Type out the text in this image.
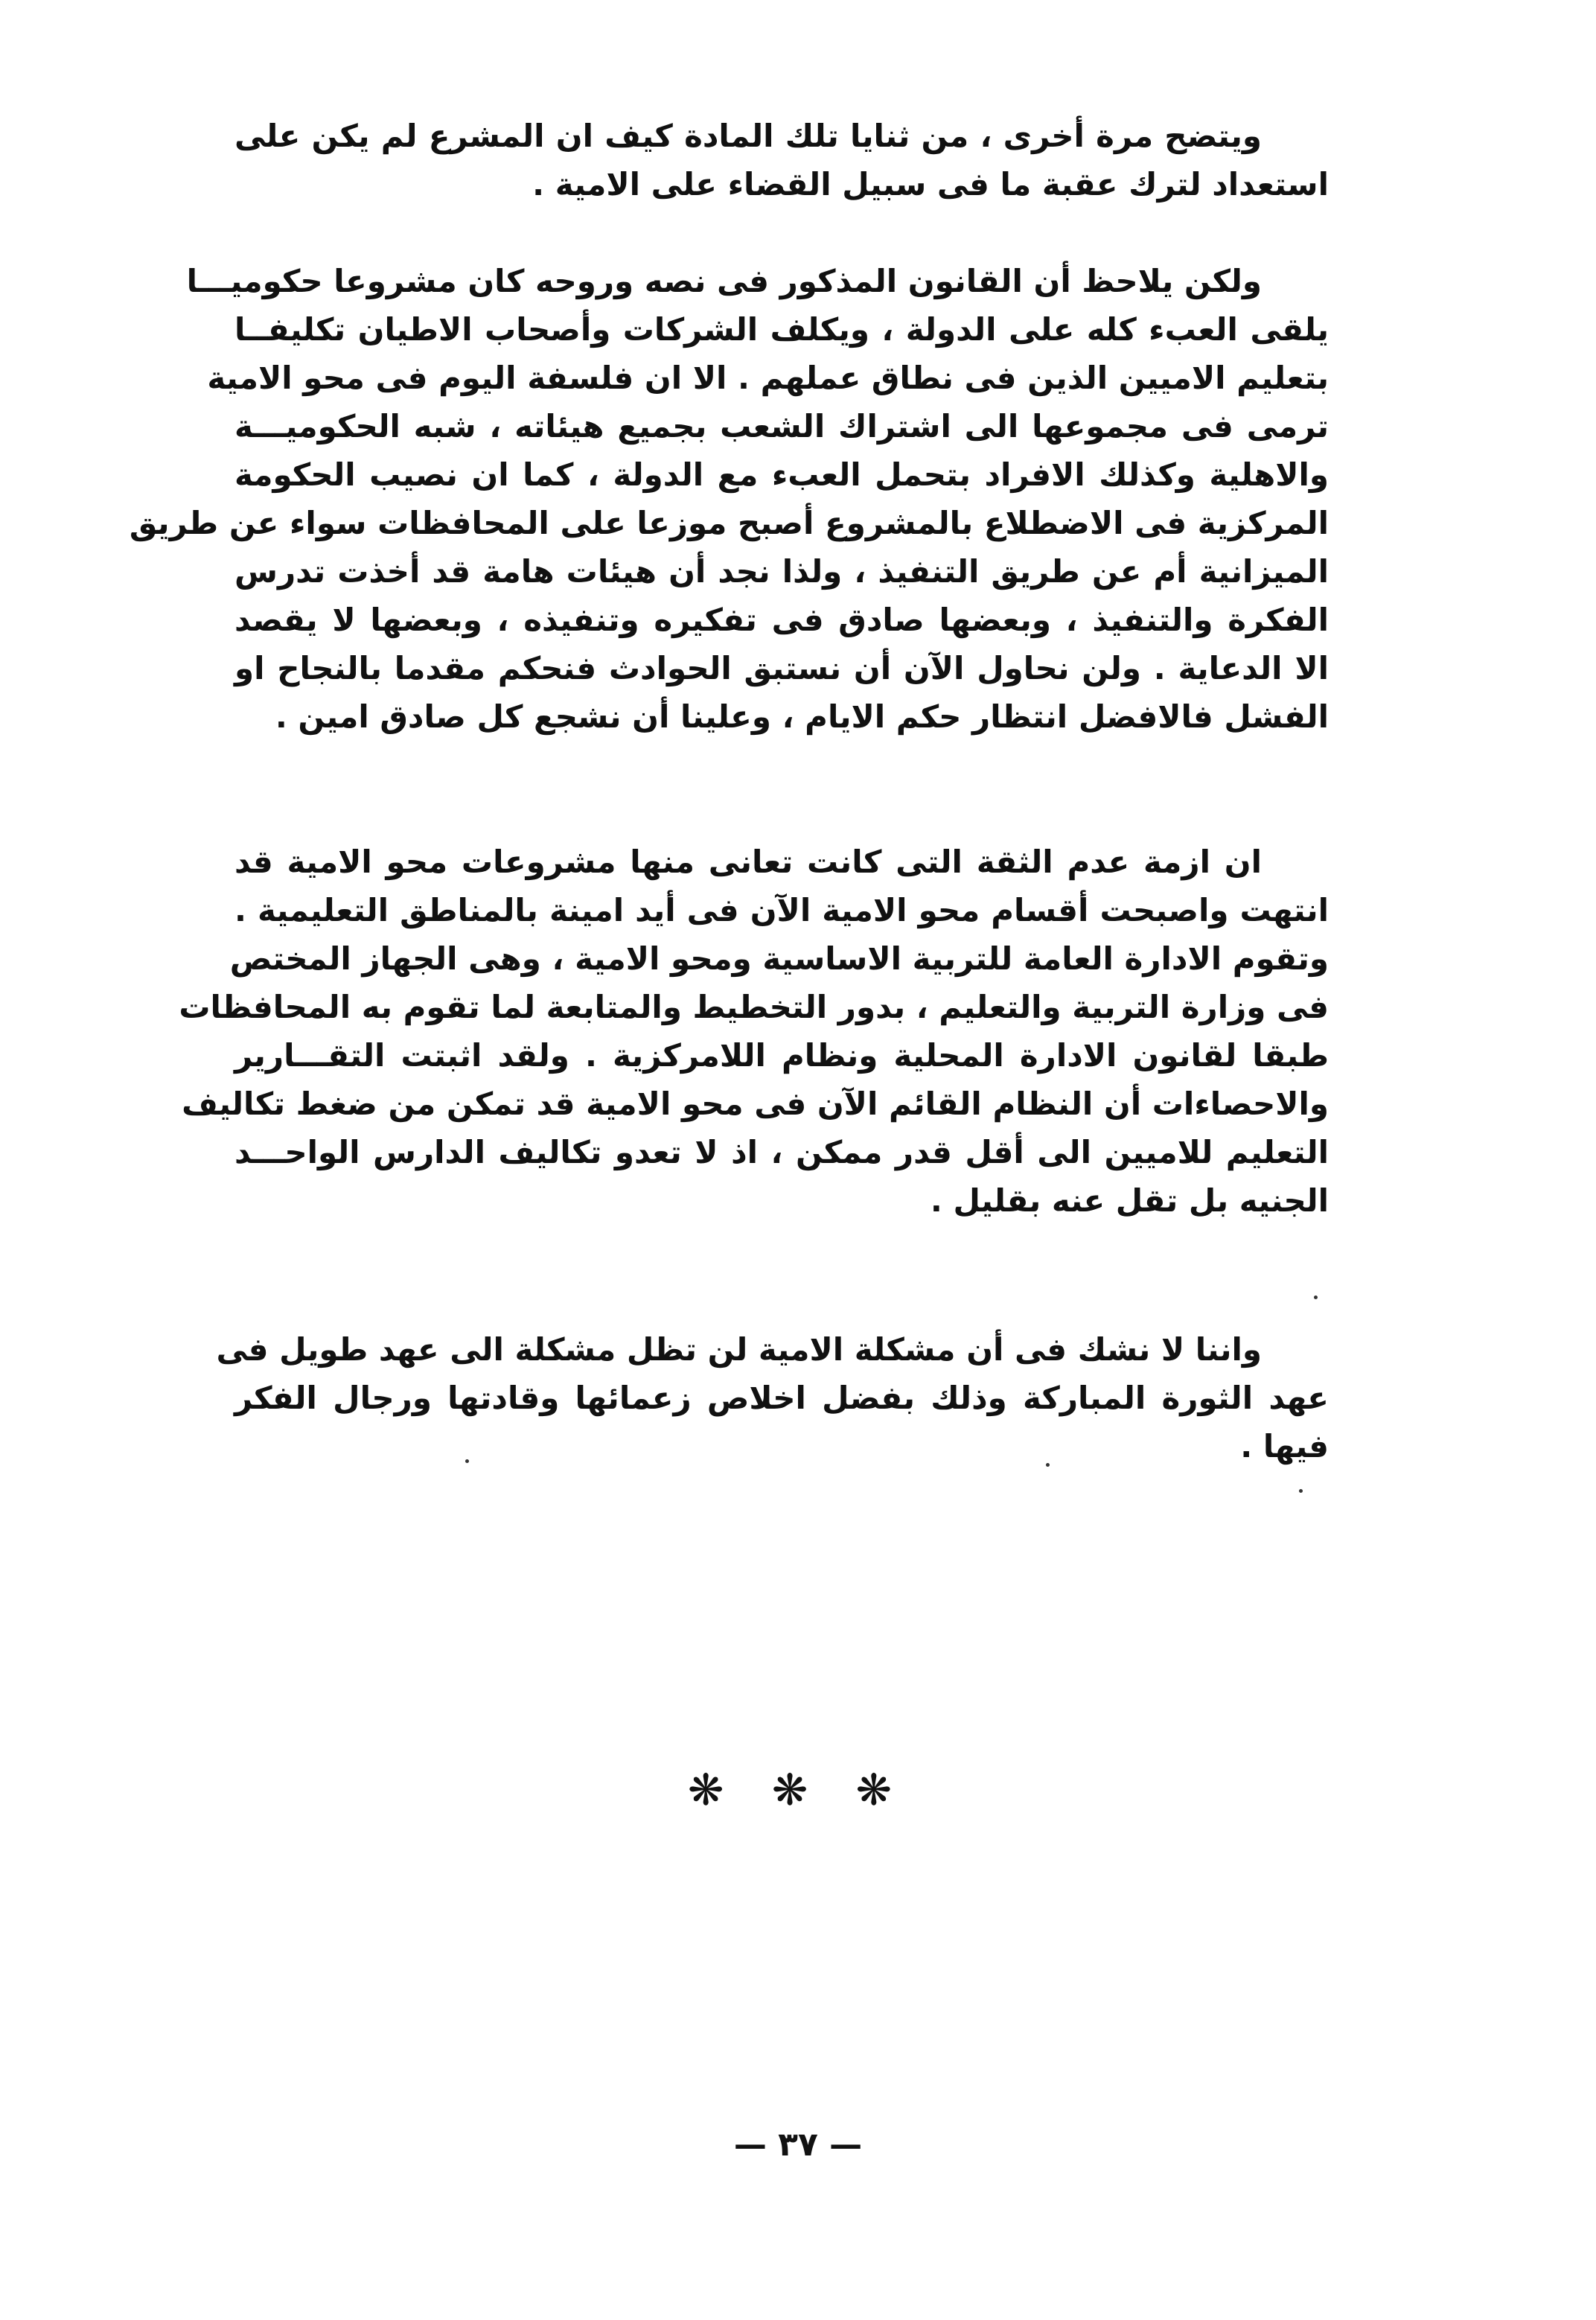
ويتضح مرة أخرى ، من ثنايا تلك المادة كيف ان المشرع لم يكن على
استعداد لترك عقبة ما فى سبيل القضاء على الامية .
ولكن يلاحظ أن القانون المذكور فى نصه وروحه كان مشروعا حكوميـــا
يلقى العبء كله على الدولة ، ويكلف الشركات وأصحاب الاطيان تكليفــا
بتعليم الاميين الذين فى نطاق عملهم . الا ان فلسفة اليوم فى محو الامية
ترمى فى مجموعها الى اشتراك الشعب بجميع هيئاته ، شبه الحكوميـــة
والاهلية وكذلك الافراد بتحمل العبء مع الدولة ، كما ان نصيب الحكومة
المركزية فى الاضطلاع بالمشروع أصبح موزعا على المحافظات سواء عن طريق
الميزانية أم عن طريق التنفيذ ، ولذا نجد أن هيئات هامة قد أخذت تدرس
الفكرة والتنفيذ ، وبعضها صادق فى تفكيره وتنفيذه ، وبعضها لا يقصد
الا الدعاية . ولن نحاول الآن أن نستبق الحوادث فنحكم مقدما بالنجاح او
الفشل فالافضل انتظار حكم الايام ، وعلينا أن نشجع كل صادق امين .
ان ازمة عدم الثقة التى كانت تعانى منها مشروعات محو الامية قد
انتهت واصبحت أقسام محو الامية الآن فى أيد امينة بالمناطق التعليمية .
وتقوم الادارة العامة للتربية الاساسية ومحو الامية ، وهى الجهاز المختص
فى وزارة التربية والتعليم ، بدور التخطيط والمتابعة لما تقوم به المحافظات
طبقا لقانون الادارة المحلية ونظام اللامركزية . ولقد اثبتت التقـــارير
والاحصاءات أن النظام القائم الآن فى محو الامية قد تمكن من ضغط تكاليف
التعليم للاميين الى أقل قدر ممكن ، اذ لا تعدو تكاليف الدارس الواحـــد
الجنيه بل تقل عنه بقليل .
واننا لا نشك فى أن مشكلة الامية لن تظل مشكلة الى عهد طويل فى
عهد الثورة المباركة وذلك بفضل اخلاص زعمائها وقادتها ورجال الفكر
فيها .
❋ ❋ ❋
— ٣٧ —
